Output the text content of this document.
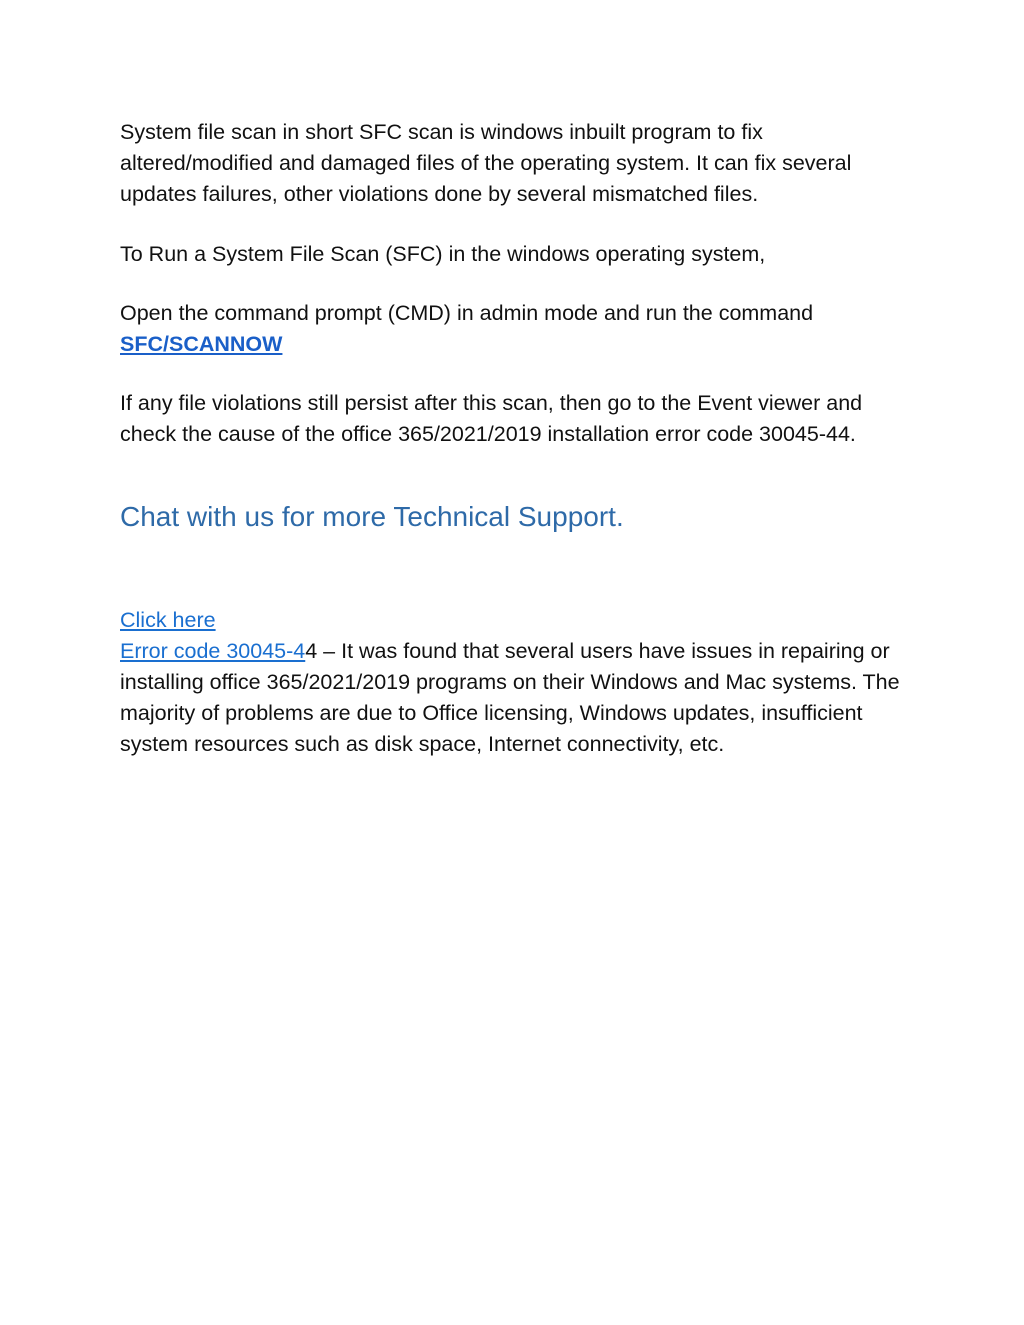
System file scan in short SFC scan is windows inbuilt program to fix altered/modified and damaged files of the operating system. It can fix several updates failures, other violations done by several mismatched files.

To Run a System File Scan (SFC) in the windows operating system,

Open the command prompt (CMD) in admin mode and run the command
SFC/SCANNOW

If any file violations still persist after this scan, then go to the Event viewer and check the cause of the office 365/2021/2019 installation error code 30045-44.

Chat with us for more Technical Support.
Click here
Error code 30045-44 – It was found that several users have issues in repairing or installing office 365/2021/2019 programs on their Windows and Mac systems. The majority of problems are due to Office licensing, Windows updates, insufficient system resources such as disk space, Internet connectivity, etc.
